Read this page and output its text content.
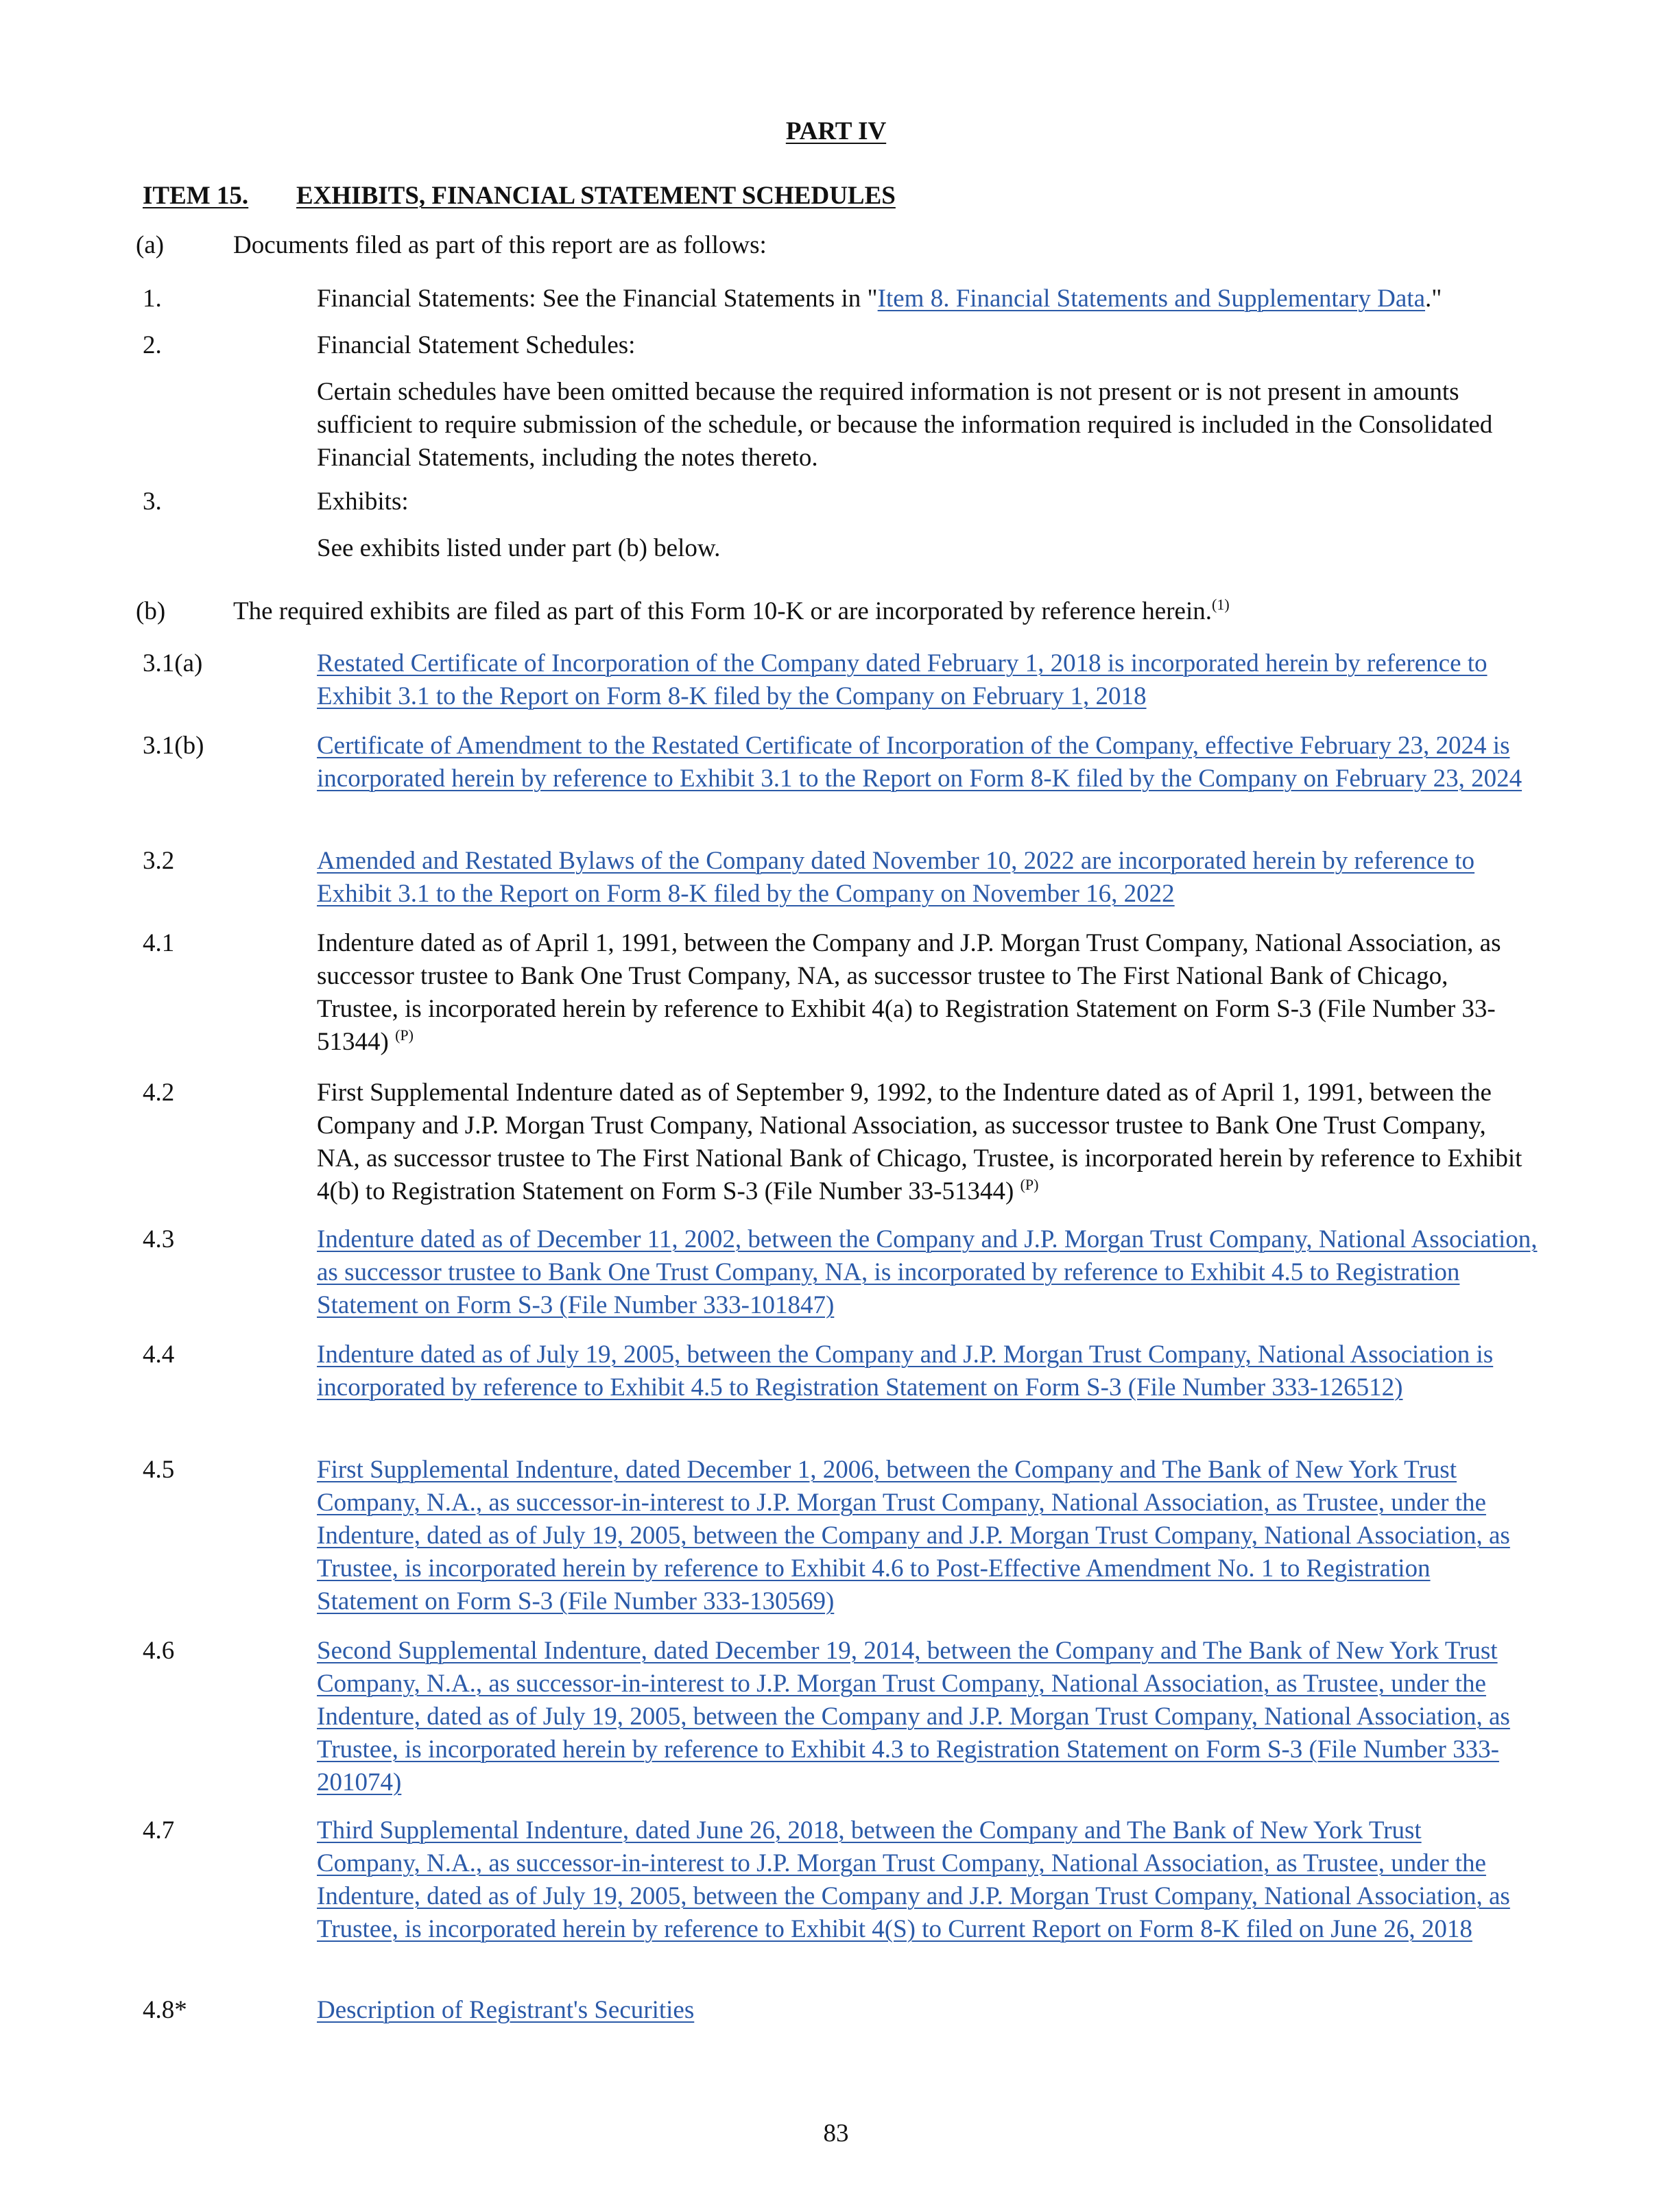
PART IV
ITEM 15. EXHIBITS, FINANCIAL STATEMENT SCHEDULES
(a)	Documents filed as part of this report are as follows:
1.	Financial Statements: See the Financial Statements in "Item 8. Financial Statements and Supplementary Data."
2.	Financial Statement Schedules:
Certain schedules have been omitted because the required information is not present or is not present in amounts sufficient to require submission of the schedule, or because the information required is included in the Consolidated Financial Statements, including the notes thereto.
3.	Exhibits:
See exhibits listed under part (b) below.
(b)	The required exhibits are filed as part of this Form 10-K or are incorporated by reference herein.$^{(1)}$
3.1(a)	Restated Certificate of Incorporation of the Company dated February 1, 2018 is incorporated herein by reference to Exhibit 3.1 to the Report on Form 8-K filed by the Company on February 1, 2018
3.1(b)	Certificate of Amendment to the Restated Certificate of Incorporation of the Company, effective February 23, 2024 is incorporated herein by reference to Exhibit 3.1 to the Report on Form 8-K filed by the Company on February 23, 2024
3.2	Amended and Restated Bylaws of the Company dated November 10, 2022 are incorporated herein by reference to Exhibit 3.1 to the Report on Form 8-K filed by the Company on November 16, 2022
4.1	Indenture dated as of April 1, 1991, between the Company and J.P. Morgan Trust Company, National Association, as successor trustee to Bank One Trust Company, NA, as successor trustee to The First National Bank of Chicago, Trustee, is incorporated herein by reference to Exhibit 4(a) to Registration Statement on Form S-3 (File Number 33-51344) $^{(P)}$
4.2	First Supplemental Indenture dated as of September 9, 1992, to the Indenture dated as of April 1, 1991, between the Company and J.P. Morgan Trust Company, National Association, as successor trustee to Bank One Trust Company, NA, as successor trustee to The First National Bank of Chicago, Trustee, is incorporated herein by reference to Exhibit 4(b) to Registration Statement on Form S-3 (File Number 33-51344) $^{(P)}$
4.3	Indenture dated as of December 11, 2002, between the Company and J.P. Morgan Trust Company, National Association, as successor trustee to Bank One Trust Company, NA, is incorporated by reference to Exhibit 4.5 to Registration Statement on Form S-3 (File Number 333-101847)
4.4	Indenture dated as of July 19, 2005, between the Company and J.P. Morgan Trust Company, National Association is incorporated by reference to Exhibit 4.5 to Registration Statement on Form S-3 (File Number 333-126512)
4.5	First Supplemental Indenture, dated December 1, 2006, between the Company and The Bank of New York Trust Company, N.A., as successor-in-interest to J.P. Morgan Trust Company, National Association, as Trustee, under the Indenture, dated as of July 19, 2005, between the Company and J.P. Morgan Trust Company, National Association, as Trustee, is incorporated herein by reference to Exhibit 4.6 to Post-Effective Amendment No. 1 to Registration Statement on Form S-3 (File Number 333-130569)
4.6	Second Supplemental Indenture, dated December 19, 2014, between the Company and The Bank of New York Trust Company, N.A., as successor-in-interest to J.P. Morgan Trust Company, National Association, as Trustee, under the Indenture, dated as of July 19, 2005, between the Company and J.P. Morgan Trust Company, National Association, as Trustee, is incorporated herein by reference to Exhibit 4.3 to Registration Statement on Form S-3 (File Number 333-201074)
4.7	Third Supplemental Indenture, dated June 26, 2018, between the Company and The Bank of New York Trust Company, N.A., as successor-in-interest to J.P. Morgan Trust Company, National Association, as Trustee, under the Indenture, dated as of July 19, 2005, between the Company and J.P. Morgan Trust Company, National Association, as Trustee, is incorporated herein by reference to Exhibit 4(S) to Current Report on Form 8-K filed on June 26, 2018
4.8*	Description of Registrant's Securities
83
